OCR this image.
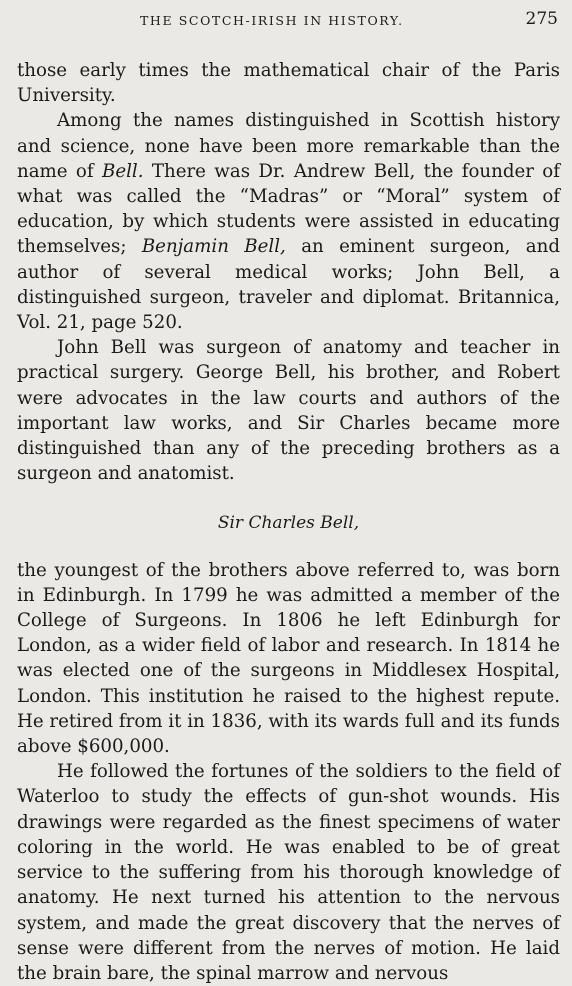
THE SCOTCH-IRISH IN HISTORY.	275

those early times the mathematical chair of the Paris University.

Among the names distinguished in Scottish history and science, none have been more remarkable than the name of Bell. There was Dr. Andrew Bell, the founder of what was called the “Madras” or “Moral” system of education, by which students were assisted in educating themselves; Benjamin Bell, an eminent surgeon, and author of several medical works; John Bell, a distinguished surgeon, traveler and diplomat. Britannica, Vol. 21, page 520.

John Bell was surgeon of anatomy and teacher in practical surgery. George Bell, his brother, and Robert were advocates in the law courts and authors of the important law works, and Sir Charles became more distinguished than any of the preceding brothers as a surgeon and anatomist.

Sir Charles Bell,

the youngest of the brothers above referred to, was born in Edinburgh. In 1799 he was admitted a member of the College of Surgeons. In 1806 he left Edinburgh for London, as a wider field of labor and research. In 1814 he was elected one of the surgeons in Middlesex Hospital, London. This institution he raised to the highest repute. He retired from it in 1836, with its wards full and its funds above $600,000.

He followed the fortunes of the soldiers to the field of Waterloo to study the effects of gun-shot wounds. His drawings were regarded as the finest specimens of water coloring in the world. He was enabled to be of great service to the suffering from his thorough knowledge of anatomy. He next turned his attention to the nervous system, and made the great discovery that the nerves of sense were different from the nerves of motion. He laid the brain bare, the spinal marrow and nervous
